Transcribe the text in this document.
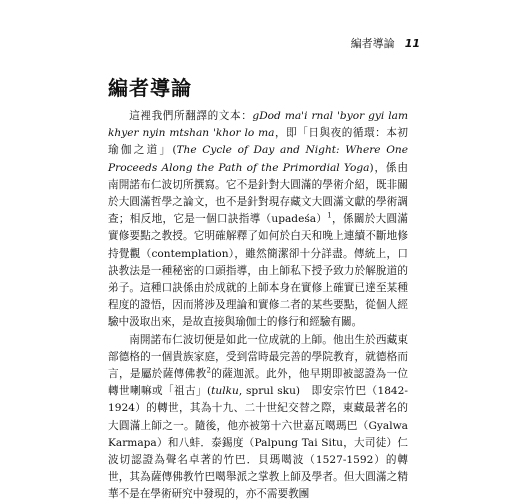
編者導論 11
編者導論

這裡我們所翻譯的文本：gDod ma'i rnal 'byor gyi lam khyer nyin mtshan 'khor lo ma，即「日與夜的循環：本初瑜伽之道」(The Cycle of Day and Night: Where One Proceeds Along the Path of the Primordial Yoga)，係由南開諾布仁波切所撰寫。它不是針對大圓滿的學術介紹，既非關於大圓滿哲學之論文，也不是針對現存藏文大圓滿文獻的學術調查；相反地，它是一個口訣指導（upadeśa）$^1$，係關於大圓滿實修要點之教授。它明確解釋了如何於白天和晚上連續不斷地修持覺觀（contemplation），雖然簡潔卻十分詳盡。傳統上，口訣教法是一種秘密的口頭指導，由上師私下授予致力於解脫道的弟子。這種口訣係由於成就的上師本身在實修上確實已達至某種程度的證悟，因而將涉及理論和實修二者的某些要點，從個人經驗中汲取出來，是故直接與瑜伽士的修行和經驗有關。

南開諾布仁波切便是如此一位成就的上師。他出生於西藏東部德格的一個貴族家庭，受到當時最完善的學院教育，就德格而言，是屬於薩傳佛教$^2$的薩迦派。此外，他早期即被認證為一位轉世喇嘛或「祖古」(tulku, sprul sku)　即安宗竹巴（1842-1924）的轉世，其為十九、二十世紀交替之際，東藏最著名的大圓滿上師之一。隨後，他亦被第十六世嘉瓦噶瑪巴（Gyalwa Karmapa）和八蚌．泰錫度（Palpung Tai Situ，大司徒）仁波切認證為聲名卓著的竹巴．貝瑪噶波（1527-1592）的轉世，其為薩傳佛教竹巴噶舉派之掌教上師及學者。但大圓滿之精華不是在學術研究中發現的，亦不需要教團
